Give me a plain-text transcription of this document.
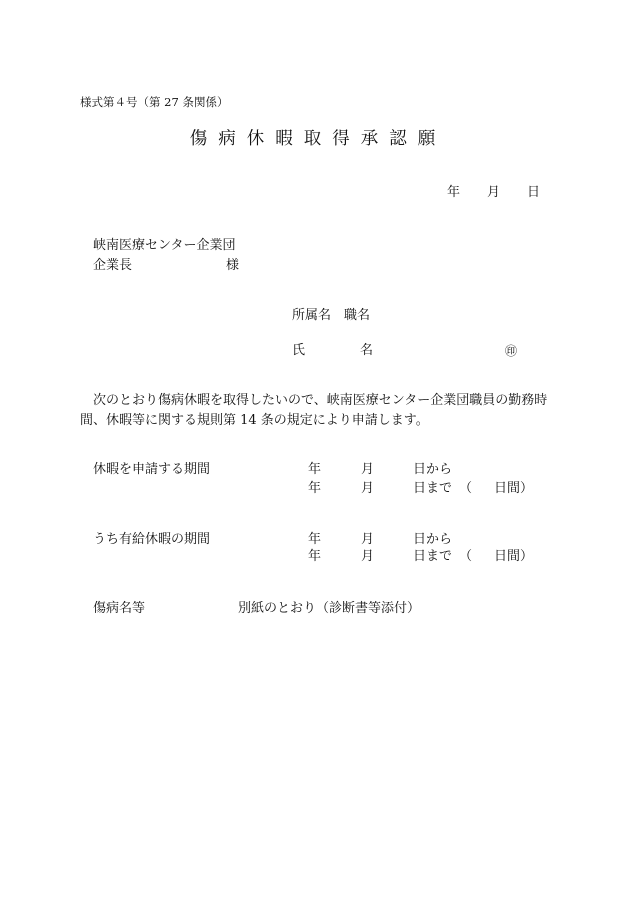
様式第４号（第 27 条関係）
傷病休暇取得承認願
年 月 日
峡南医療センター企業団
企業長	様
所属名　職名
氏	名	㊞
次のとおり傷病休暇を取得したいので、峡南医療センター企業団職員の勤務時間、休暇等に関する規則第 14 条の規定により申請します。
休暇を申請する期間	年	月	日から
年	月	日まで （ 日間）
うち有給休暇の期間	年	月	日から
年	月	日まで （ 日間）
傷病名等	別紙のとおり（診断書等添付）
